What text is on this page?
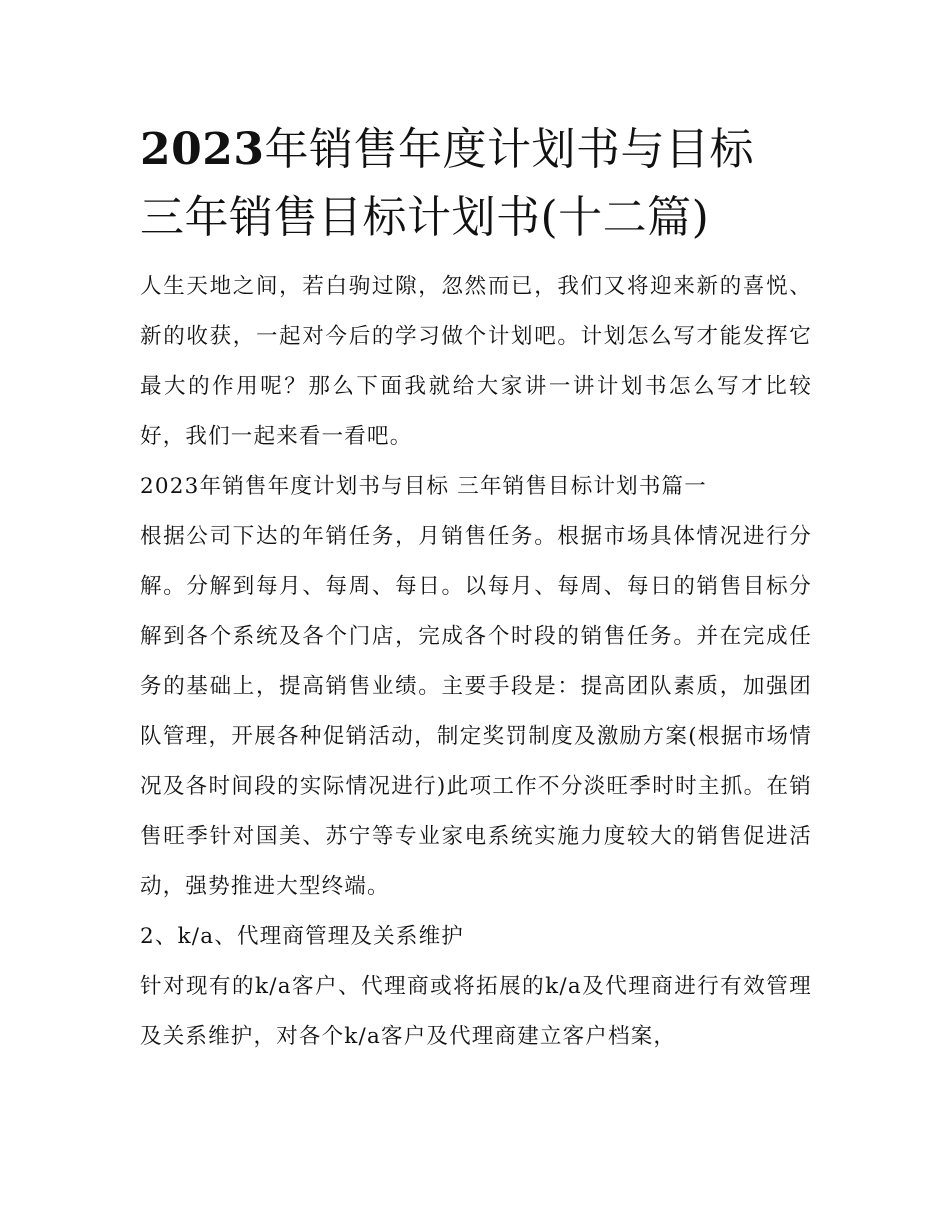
2023年销售年度计划书与目标
三年销售目标计划书(十二篇)

人生天地之间，若白驹过隙，忽然而已，我们又将迎来新的喜悦、新的收获，一起对今后的学习做个计划吧。计划怎么写才能发挥它最大的作用呢？那么下面我就给大家讲一讲计划书怎么写才比较好，我们一起来看一看吧。

2023年销售年度计划书与目标 三年销售目标计划书篇一

根据公司下达的年销任务，月销售任务。根据市场具体情况进行分解。分解到每月、每周、每日。以每月、每周、每日的销售目标分解到各个系统及各个门店，完成各个时段的销售任务。并在完成任务的基础上，提高销售业绩。主要手段是：提高团队素质，加强团队管理，开展各种促销活动，制定奖罚制度及激励方案(根据市场情况及各时间段的实际情况进行)此项工作不分淡旺季时时主抓。在销售旺季针对国美、苏宁等专业家电系统实施力度较大的销售促进活动，强势推进大型终端。

2、k/a、代理商管理及关系维护

针对现有的k/a客户、代理商或将拓展的k/a及代理商进行有效管理及关系维护，对各个k/a客户及代理商建立客户档案，
